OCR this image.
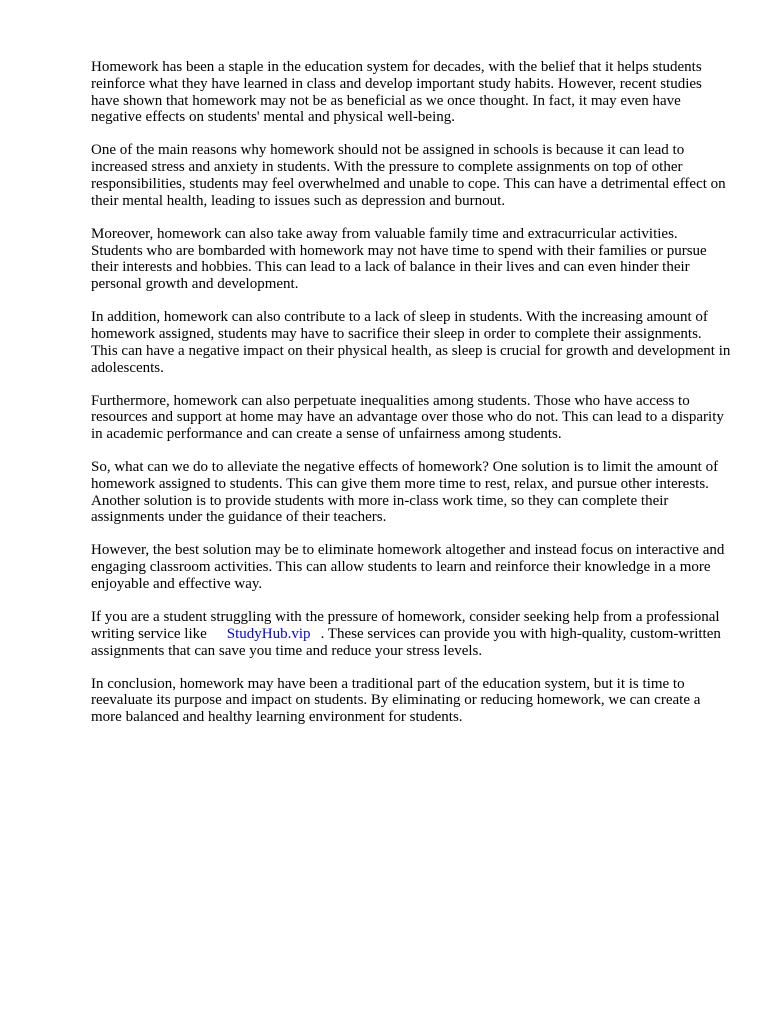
Homework has been a staple in the education system for decades, with the belief that it helps students reinforce what they have learned in class and develop important study habits. However, recent studies have shown that homework may not be as beneficial as we once thought. In fact, it may even have negative effects on students' mental and physical well-being.

One of the main reasons why homework should not be assigned in schools is because it can lead to increased stress and anxiety in students. With the pressure to complete assignments on top of other responsibilities, students may feel overwhelmed and unable to cope. This can have a detrimental effect on their mental health, leading to issues such as depression and burnout.

Moreover, homework can also take away from valuable family time and extracurricular activities. Students who are bombarded with homework may not have time to spend with their families or pursue their interests and hobbies. This can lead to a lack of balance in their lives and can even hinder their personal growth and development.

In addition, homework can also contribute to a lack of sleep in students. With the increasing amount of homework assigned, students may have to sacrifice their sleep in order to complete their assignments. This can have a negative impact on their physical health, as sleep is crucial for growth and development in adolescents.

Furthermore, homework can also perpetuate inequalities among students. Those who have access to resources and support at home may have an advantage over those who do not. This can lead to a disparity in academic performance and can create a sense of unfairness among students.

So, what can we do to alleviate the negative effects of homework? One solution is to limit the amount of homework assigned to students. This can give them more time to rest, relax, and pursue other interests. Another solution is to provide students with more in-class work time, so they can complete their assignments under the guidance of their teachers.

However, the best solution may be to eliminate homework altogether and instead focus on interactive and engaging classroom activities. This can allow students to learn and reinforce their knowledge in a more enjoyable and effective way.

If you are a student struggling with the pressure of homework, consider seeking help from a professional writing service like StudyHub.vip . These services can provide you with high-quality, custom-written assignments that can save you time and reduce your stress levels.

In conclusion, homework may have been a traditional part of the education system, but it is time to reevaluate its purpose and impact on students. By eliminating or reducing homework, we can create a more balanced and healthy learning environment for students.
